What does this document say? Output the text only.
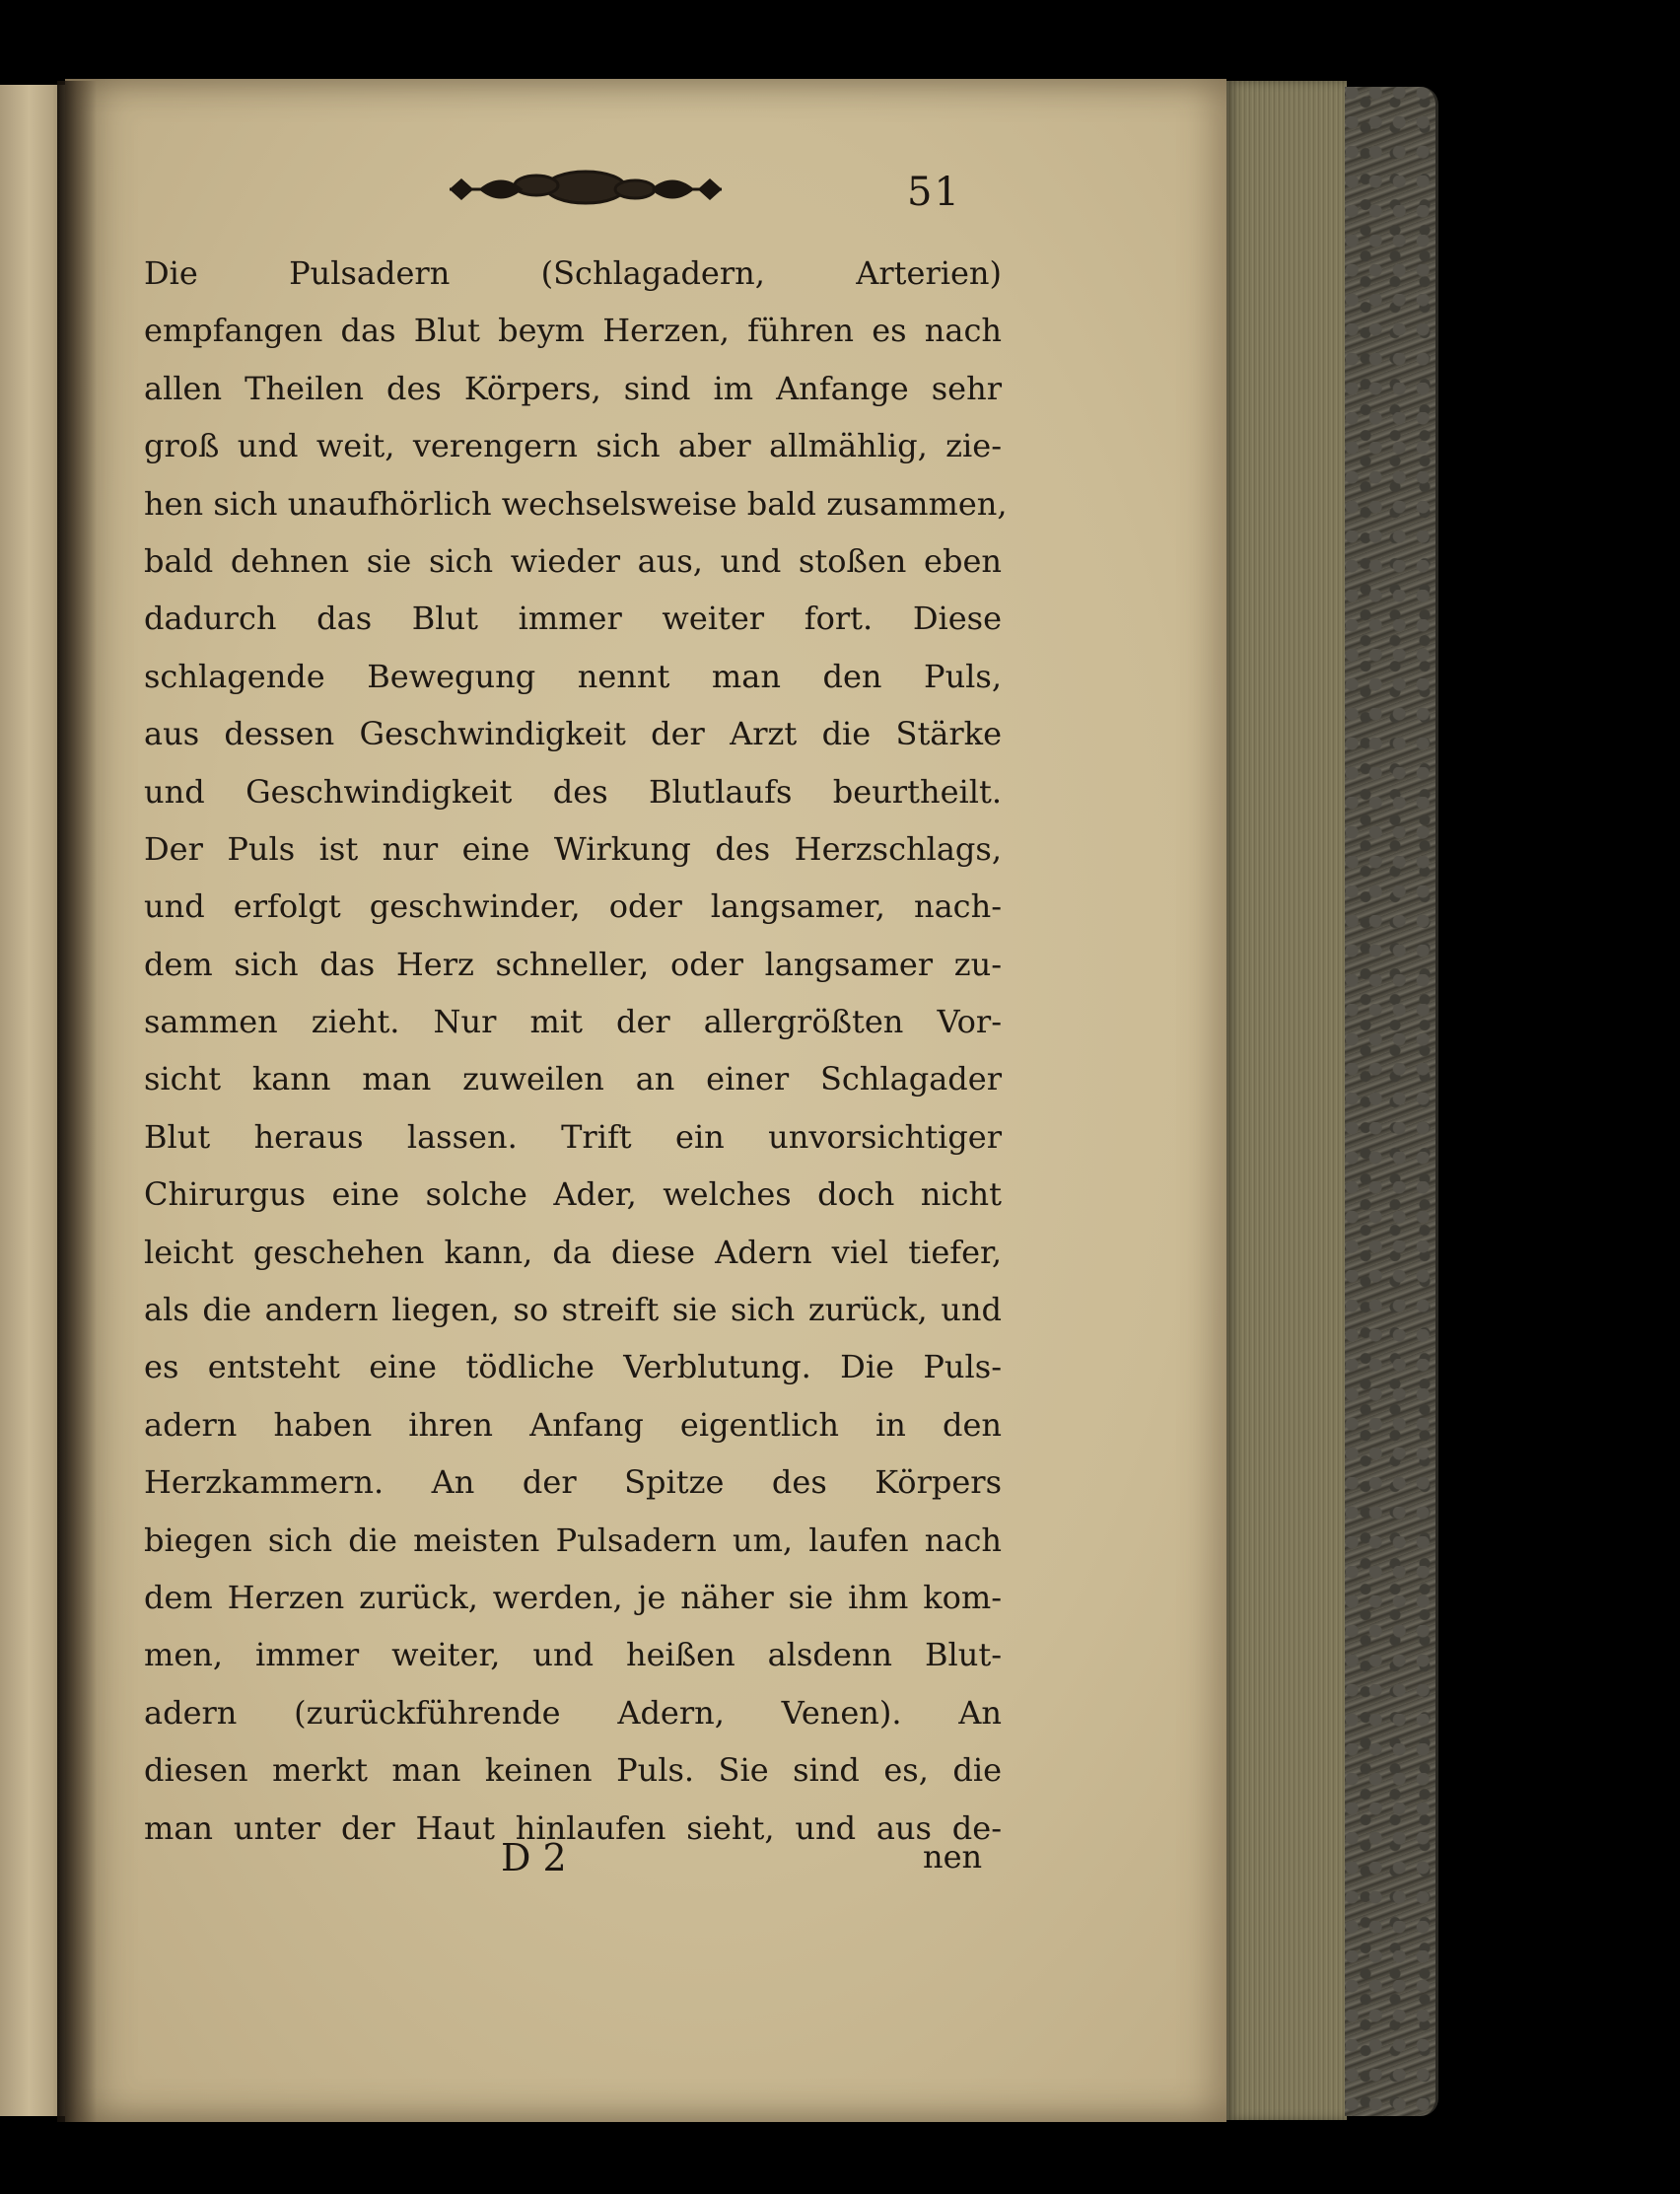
51
Die Pulsadern (Schlagadern, Arterien)
empfangen das Blut beym Herzen, führen es nach
allen Theilen des Körpers, sind im Anfange sehr
groß und weit, verengern sich aber allmählig, zie-
hen sich unaufhörlich wechselsweise bald zusammen,
bald dehnen sie sich wieder aus, und stoßen eben
dadurch das Blut immer weiter fort. Diese
schlagende Bewegung nennt man den Puls,
aus dessen Geschwindigkeit der Arzt die Stärke
und Geschwindigkeit des Blutlaufs beurtheilt.
Der Puls ist nur eine Wirkung des Herzschlags,
und erfolgt geschwinder, oder langsamer, nach-
dem sich das Herz schneller, oder langsamer zu-
sammen zieht. Nur mit der allergrößten Vor-
sicht kann man zuweilen an einer Schlagader
Blut heraus lassen. Trift ein unvorsichtiger
Chirurgus eine solche Ader, welches doch nicht
leicht geschehen kann, da diese Adern viel tiefer,
als die andern liegen, so streift sie sich zurück, und
es entsteht eine tödliche Verblutung. Die Puls-
adern haben ihren Anfang eigentlich in den
Herzkammern. An der Spitze des Körpers
biegen sich die meisten Pulsadern um, laufen nach
dem Herzen zurück, werden, je näher sie ihm kom-
men, immer weiter, und heißen alsdenn Blut-
adern (zurückführende Adern, Venen). An
diesen merkt man keinen Puls. Sie sind es, die
man unter der Haut hinlaufen sieht, und aus de-
D 2	nen
